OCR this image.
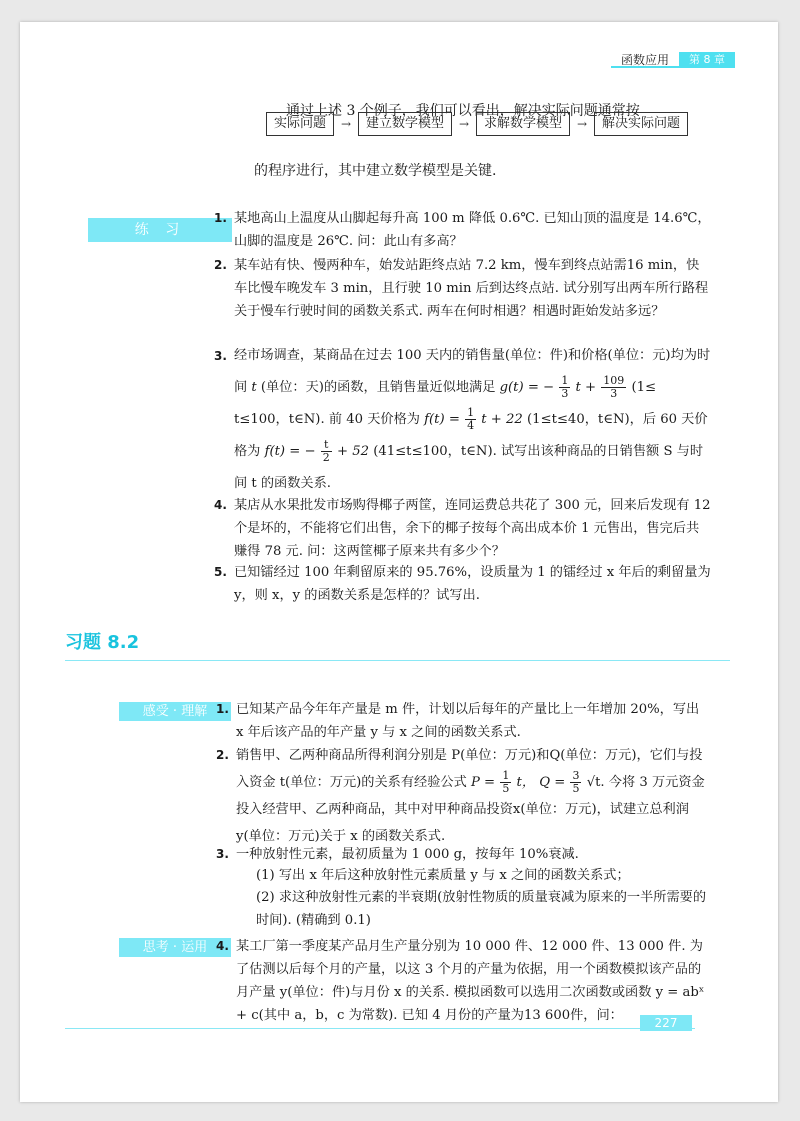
函数应用	第 8 章
通过上述 3 个例子，我们可以看出，解决实际问题通常按
实际问题	→	建立数学模型	→	求解数学模型	→	解决实际问题
的程序进行，其中建立数学模型是关键.
练 习
1. 某地高山上温度从山脚起每升高 100 m 降低 0.6℃. 已知山顶的温度是 14.6℃，山脚的温度是 26℃. 问：此山有多高？
2. 某车站有快、慢两种车，始发站距终点站 7.2 km，慢车到终点站需16 min，快车比慢车晚发车 3 min，且行驶 10 min 后到达终点站. 试分别写出两车所行路程关于慢车行驶时间的函数关系式. 两车在何时相遇？相遇时距始发站多远？
3. 经市场调查，某商品在过去 100 天内的销售量(单位：件)和价格(单位：元)均为时间 t (单位：天)的函数，且销售量近似地满足 g(t) = − $\frac{1}{3}$ $t + \frac{109}{3} (1\le t\le 100$，t∈N). 前 40 天价格为 $f(t) = \frac{1}{4}$ t + 22 (1≤t≤40，t∈N)，后 60 天价格为 f(t) = − $\frac{t}{2} + 52$ (41≤t≤100，t∈N). 试写出该种商品的日销售额 S 与时间 t 的函数关系.
4. 某店从水果批发市场购得椰子两筐，连同运费总共花了 300 元，回来后发现有 12 个是坏的，不能将它们出售，余下的椰子按每个高出成本价 1 元售出，售完后共赚得 78 元. 问：这两筐椰子原来共有多少个？
5. 已知镭经过 100 年剩留原来的 95.76%，设质量为 1 的镭经过 x 年后的剩留量为 y，则 x，y 的函数关系是怎样的？试写出.
习题 8.2
感受 · 理解 1. 已知某产品今年年产量是 m 件，计划以后每年的产量比上一年增加 20%，写出 x 年后该产品的年产量 y 与 x 之间的函数关系式.
2. 销售甲、乙两种商品所得利润分别是 P(单位：万元)和Q(单位：万元)，它们与投入资金 t(单位：万元)的关系有经验公式 $P = \frac{1}{5}$ t， $Q = \frac{3}{5} √t$. 今将 3 万元资金投入经营甲、乙两种商品，其中对甲种商品投资x(单位：万元)，试建立总利润 y(单位：万元)关于 x 的函数关系式.
3. 一种放射性元素，最初质量为 1 000 g，按每年 10%衰减.
(1) 写出 x 年后这种放射性元素质量 y 与 x 之间的函数关系式；
(2) 求这种放射性元素的半衰期(放射性物质的质量衰减为原来的一半所需要的时间). (精确到 0.1)
思考 · 运用 4. 某工厂第一季度某产品月生产量分别为 10 000 件、12 000 件、13 000 件. 为了估测以后每个月的产量，以这 3 个月的产量为依据，用一个函数模拟该产品的月产量 y(单位：件)与月份 x 的关系. 模拟函数可以选用二次函数或函数 y = abˣ + c(其中 a，b，c 为常数). 已知 4 月份的产量为13 600件，问：	227
